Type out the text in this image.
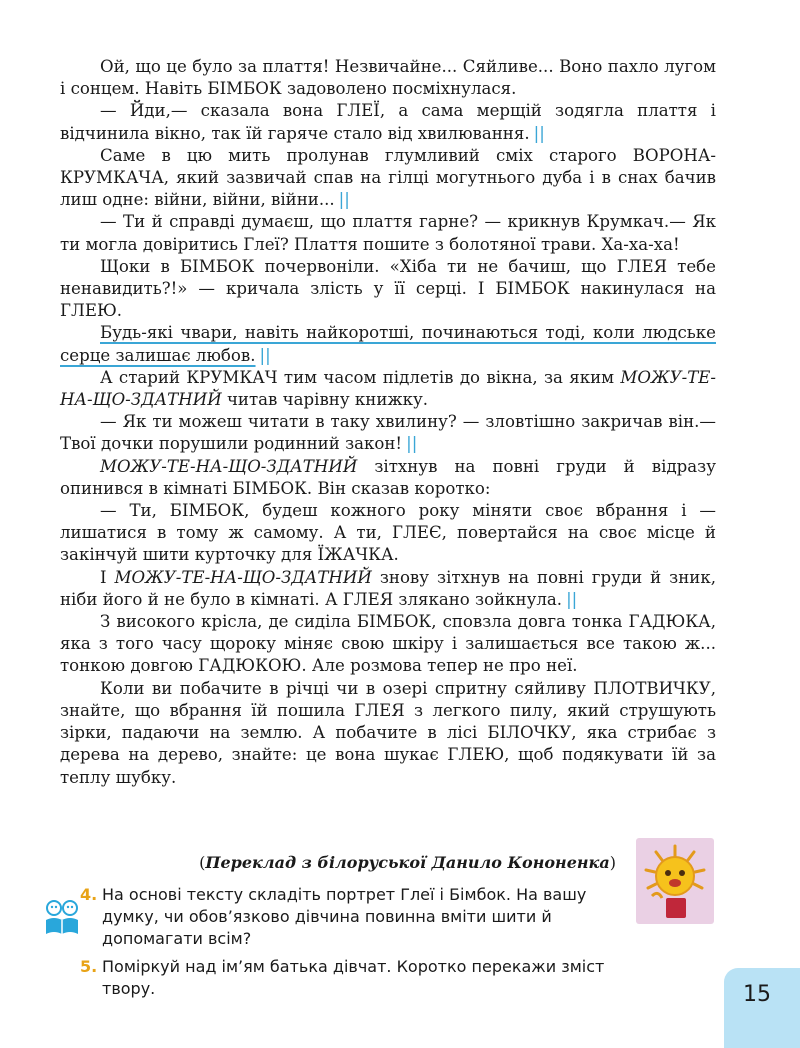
Ой, що це було за плаття! Незвичайне... Сяйливе... Воно пахло лугом і сонцем. Навіть БІМБОК задоволено посміхнулася.

— Йди,— сказала вона ГЛЕЇ, а сама мерщій зодягла плаття і відчинила вікно, так їй гаряче стало від хвилювання. ||

Саме в цю мить пролунав глумливий сміх старого ВОРОНА-КРУМКАЧА, який зазвичай спав на гілці могутнього дуба і в снах бачив лиш одне: війни, війни, війни... ||

— Ти й справді думаєш, що плаття гарне? — крикнув Крумкач.— Як ти могла довіритись Глеї? Плаття пошите з болотяної трави. Ха-ха-ха!

Щоки в БІМБОК почервоніли. «Хіба ти не бачиш, що ГЛЕЯ тебе ненавидить?!» — кричала злість у її серці. І БІМБОК накинулася на ГЛЕЮ.

Будь-які чвари, навіть найкоротші, починаються тоді, коли людське серце залишає любов. ||

А старий КРУМКАЧ тим часом підлетів до вікна, за яким МОЖУ-ТЕ-НА-ЩО-ЗДАТНИЙ читав чарівну книжку.

— Як ти можеш читати в таку хвилину? — зловтішно закричав він.— Твої дочки порушили родинний закон! ||

МОЖУ-ТЕ-НА-ЩО-ЗДАТНИЙ зітхнув на повні груди й відразу опинився в кімнаті БІМБОК. Він сказав коротко:

— Ти, БІМБОК, будеш кожного року міняти своє вбрання і — лишатися в тому ж самому. А ти, ГЛЕЄ, повертайся на своє місце й закінчуй шити курточку для ЇЖАЧКА.

І МОЖУ-ТЕ-НА-ЩО-ЗДАТНИЙ знову зітхнув на повні груди й зник, ніби його й не було в кімнаті. А ГЛЕЯ злякано зойкнула. ||

З високого крісла, де сиділа БІМБОК, сповзла довга тонка ГАДЮКА, яка з того часу щороку міняє свою шкіру і залишається все такою ж... тонкою довгою ГАДЮКОЮ. Але розмова тепер не про неї.

Коли ви побачите в річці чи в озері спритну сяйливу ПЛОТВИЧКУ, знайте, що вбрання їй пошила ГЛЕЯ з легкого пилу, який струшують зірки, падаючи на землю. А побачите в лісі БІЛОЧКУ, яка стрибає з дерева на дерево, знайте: це вона шукає ГЛЕЮ, щоб подякувати їй за теплу шубку.

(Переклад з білоруської Данило Кононенка)
4. На основі тексту складіть портрет Глеї і Бімбок. На вашу думку, чи обов’язково дівчина повинна вміти шити й допомагати всім?
5. Поміркуй над ім’ям батька дівчат. Коротко перекажи зміст твору.	15
